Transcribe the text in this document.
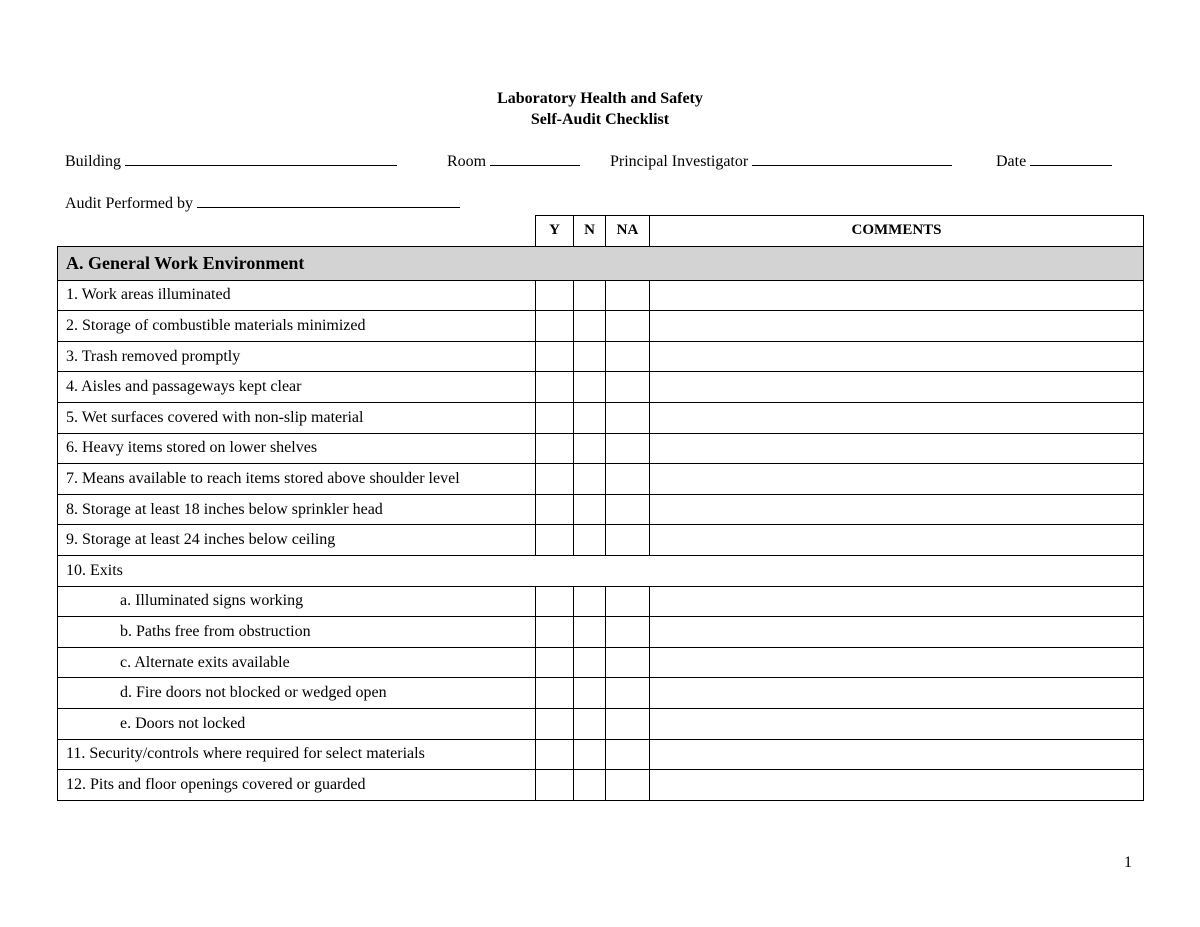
Laboratory Health and Safety
Self-Audit Checklist
Building	Room	Principal Investigator	Date
Audit Performed by
	Y	N	NA	COMMENTS
A. General Work Environment				
1. Work areas illuminated				
2. Storage of combustible materials minimized				
3. Trash removed promptly				
4. Aisles and passageways kept clear				
5. Wet surfaces covered with non-slip material				
6. Heavy items stored on lower shelves				
7. Means available to reach items stored above shoulder level				
8. Storage at least 18 inches below sprinkler head				
9. Storage at least 24 inches below ceiling				
10. Exits				
a. Illuminated signs working				
b. Paths free from obstruction				
c. Alternate exits available				
d. Fire doors not blocked or wedged open				
e. Doors not locked				
11. Security/controls where required for select materials				
12. Pits and floor openings covered or guarded				
1
